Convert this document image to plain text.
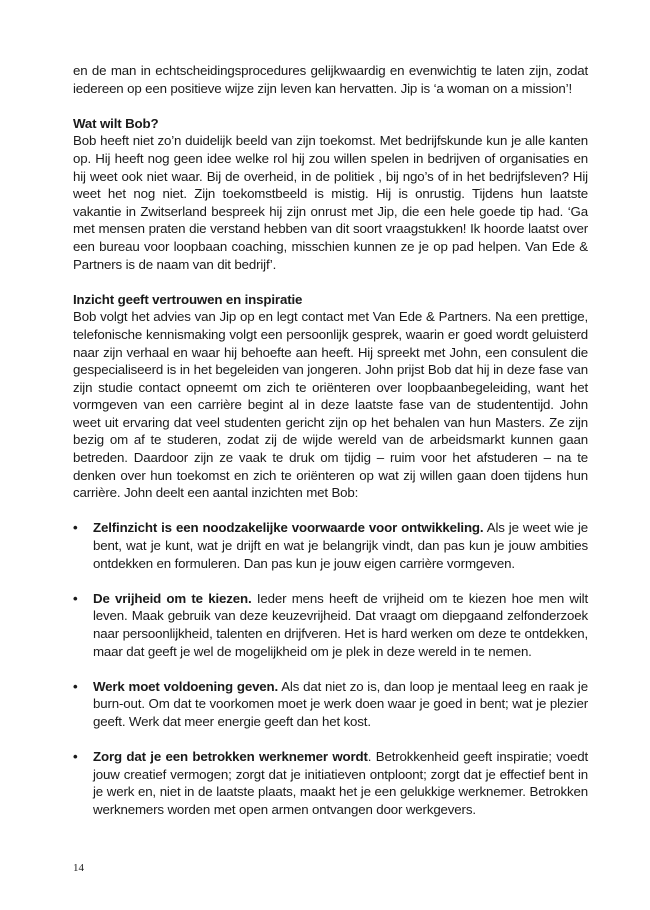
en de man in echtscheidingsprocedures gelijkwaardig en evenwichtig te laten zijn, zodat iedereen op een positieve wijze zijn leven kan hervatten. Jip is ‘a woman on a mission’!

Wat wilt Bob?

Bob heeft niet zo’n duidelijk beeld van zijn toekomst. Met bedrijfskunde kun je alle kanten op. Hij heeft nog geen idee welke rol hij zou willen spelen in bedrijven of organisaties en hij weet ook niet waar. Bij de overheid, in de politiek , bij ngo’s of in het bedrijfsleven? Hij weet het nog niet. Zijn toekomstbeeld is mistig. Hij is onrustig. Tijdens hun laatste vakantie in Zwitserland bespreek hij zijn onrust met Jip, die een hele goede tip had. ‘Ga met mensen praten die verstand hebben van dit soort vraagstukken! Ik hoorde laatst over een bureau voor loopbaan coaching, misschien kunnen ze je op pad helpen. Van Ede & Partners is de naam van dit bedrijf’.

Inzicht geeft vertrouwen en inspiratie

Bob volgt het advies van Jip op en legt contact met Van Ede & Partners. Na een prettige, telefonische kennismaking volgt een persoonlijk gesprek, waarin er goed wordt geluisterd naar zijn verhaal en waar hij behoefte aan heeft. Hij spreekt met John, een consulent die gespecialiseerd is in het begeleiden van jongeren. John prijst Bob dat hij in deze fase van zijn studie contact opneemt om zich te oriënteren over loopbaanbegeleiding, want het vormgeven van een carrière begint al in deze laatste fase van de studententijd. John weet uit ervaring dat veel studenten gericht zijn op het behalen van hun Masters. Ze zijn bezig om af te studeren, zodat zij de wijde wereld van de arbeidsmarkt kunnen gaan betreden. Daardoor zijn ze vaak te druk om tijdig – ruim voor het afstuderen – na te denken over hun toekomst en zich te oriënteren op wat zij willen gaan doen tijdens hun carrière. John deelt een aantal inzichten met Bob:

• Zelfinzicht is een noodzakelijke voorwaarde voor ontwikkeling. Als je weet wie je bent, wat je kunt, wat je drijft en wat je belangrijk vindt, dan pas kun je jouw ambities ontdekken en formuleren. Dan pas kun je jouw eigen carrière vormgeven.
• De vrijheid om te kiezen. Ieder mens heeft de vrijheid om te kiezen hoe men wilt leven. Maak gebruik van deze keuzevrijheid. Dat vraagt om diepgaand zelfonderzoek naar persoonlijkheid, talenten en drijfveren. Het is hard werken om deze te ontdekken, maar dat geeft je wel de mogelijkheid om je plek in deze wereld in te nemen.
• Werk moet voldoening geven. Als dat niet zo is, dan loop je mentaal leeg en raak je burn-out. Om dat te voorkomen moet je werk doen waar je goed in bent; wat je plezier geeft. Werk dat meer energie geeft dan het kost.
• Zorg dat je een betrokken werknemer wordt. Betrokkenheid geeft inspiratie; voedt jouw creatief vermogen; zorgt dat je initiatieven ontploont; zorgt dat je effectief bent in je werk en, niet in de laatste plaats, maakt het je een gelukkige werknemer. Betrokken werknemers worden met open armen ontvangen door werkgevers.
14
